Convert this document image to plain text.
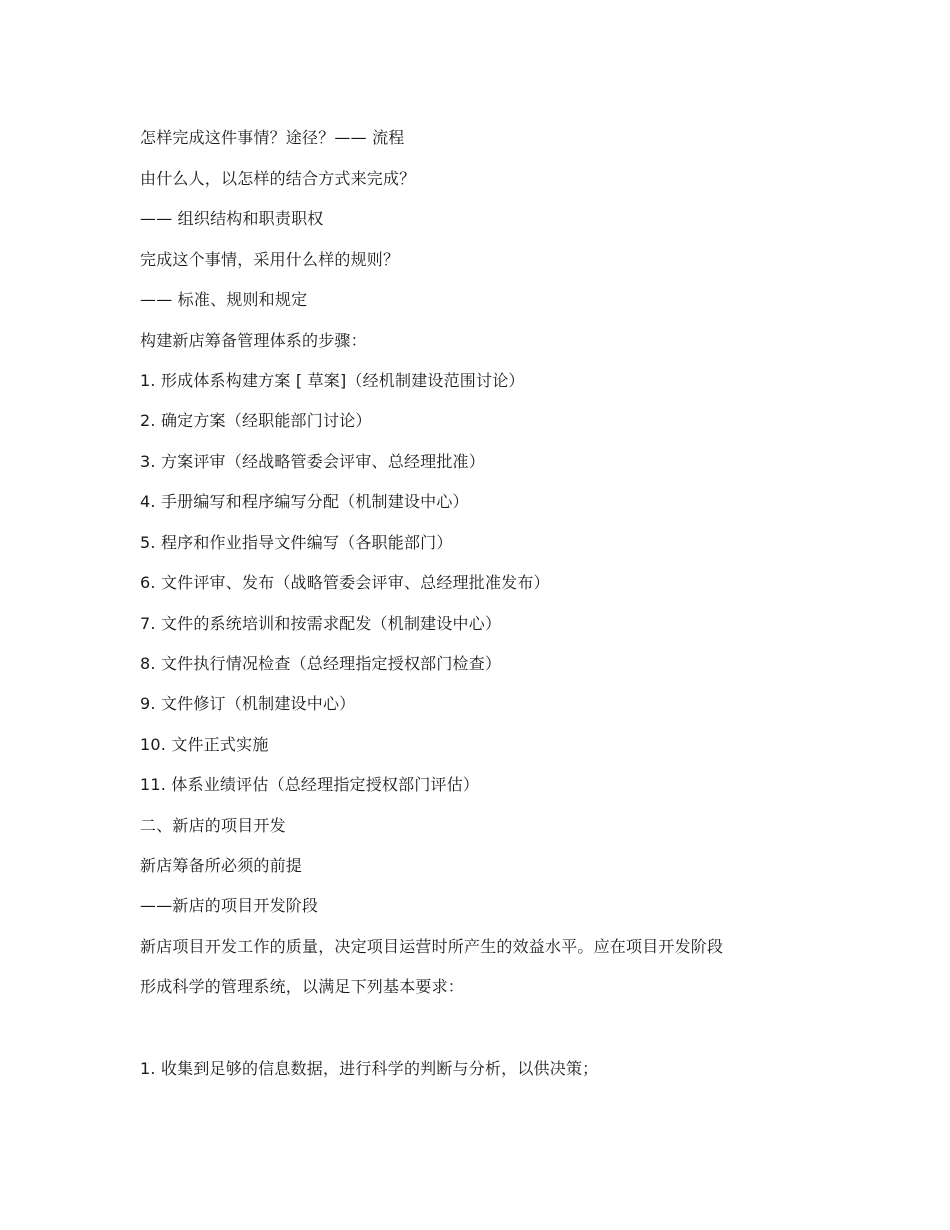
怎样完成这件事情？途径？—— 流程
由什么人，以怎样的结合方式来完成？
—— 组织结构和职责职权
完成这个事情，采用什么样的规则？
—— 标准、规则和规定
构建新店筹备管理体系的步骤：
1. 形成体系构建方案 [ 草案]（经机制建设范围讨论）
2. 确定方案（经职能部门讨论）
3. 方案评审（经战略管委会评审、总经理批准）
4. 手册编写和程序编写分配（机制建设中心）
5. 程序和作业指导文件编写（各职能部门）
6. 文件评审、发布（战略管委会评审、总经理批准发布）
7. 文件的系统培训和按需求配发（机制建设中心）
8. 文件执行情况检查（总经理指定授权部门检查）
9. 文件修订（机制建设中心）
10. 文件正式实施
11. 体系业绩评估（总经理指定授权部门评估）
二、新店的项目开发
新店筹备所必须的前提
——新店的项目开发阶段
新店项目开发工作的质量，决定项目运营时所产生的效益水平。应在项目开发阶段
形成科学的管理系统，以满足下列基本要求：
1. 收集到足够的信息数据，进行科学的判断与分析，以供决策；
